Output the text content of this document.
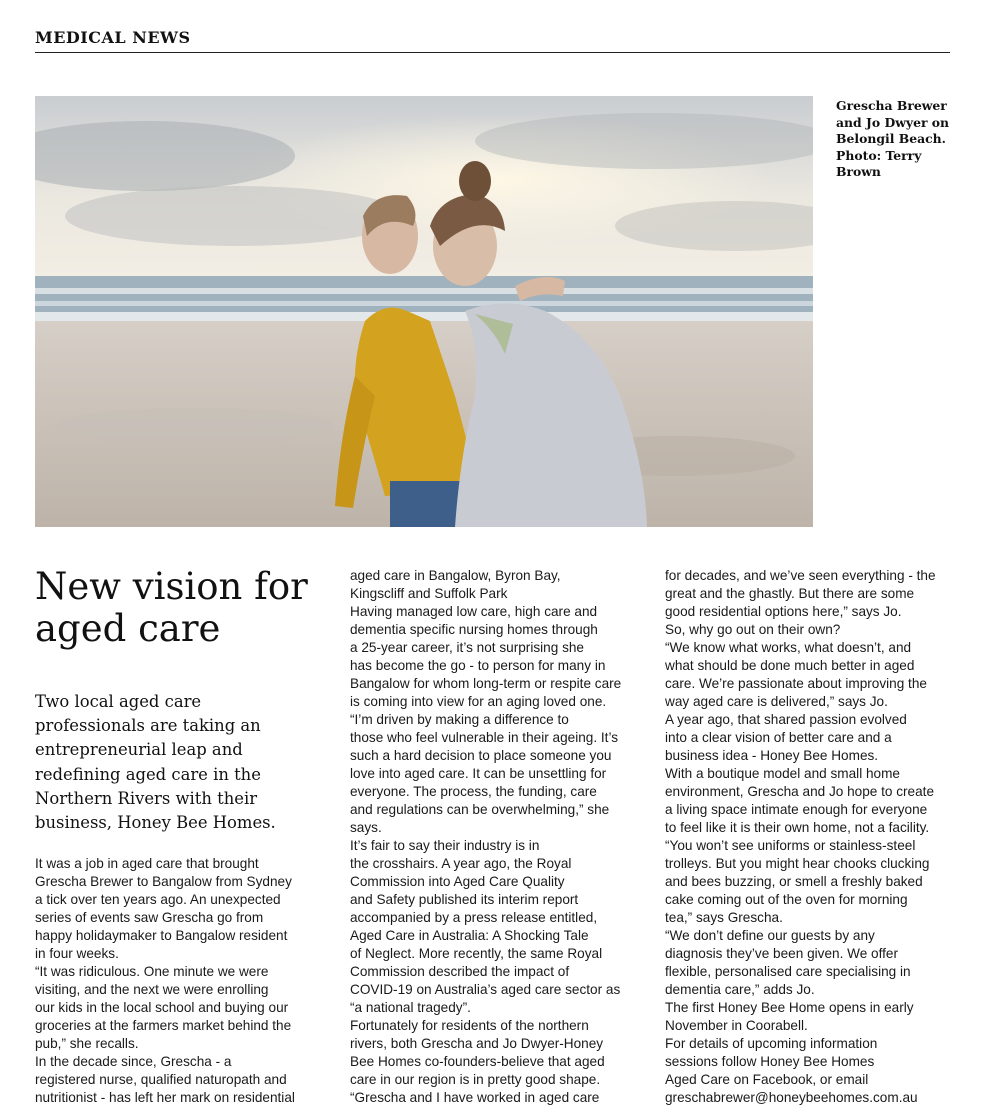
MEDICAL NEWS
Grescha Brewer
and Jo Dwyer on
Belongil Beach.
Photo: Terry
Brown
New vision for
aged care
Two local aged care
professionals are taking an
entrepreneurial leap and
redefining aged care in the
Northern Rivers with their
business, Honey Bee Homes.
It was a job in aged care that brought
Grescha Brewer to Bangalow from Sydney
a tick over ten years ago. An unexpected
series of events saw Grescha go from
happy holidaymaker to Bangalow resident
in four weeks.
“It was ridiculous. One minute we were
visiting, and the next we were enrolling
our kids in the local school and buying our
groceries at the farmers market behind the
pub,” she recalls.
In the decade since, Grescha - a
registered nurse, qualified naturopath and
nutritionist - has left her mark on residential
aged care in Bangalow, Byron Bay,
Kingscliff and Suffolk Park
Having managed low care, high care and
dementia specific nursing homes through
a 25-year career, it’s not surprising she
has become the go - to person for many in
Bangalow for whom long-term or respite care
is coming into view for an aging loved one.
“I’m driven by making a difference to
those who feel vulnerable in their ageing. It’s
such a hard decision to place someone you
love into aged care. It can be unsettling for
everyone. The process, the funding, care
and regulations can be overwhelming,” she
says.
It’s fair to say their industry is in
the crosshairs. A year ago, the Royal
Commission into Aged Care Quality
and Safety published its interim report
accompanied by a press release entitled,
Aged Care in Australia: A Shocking Tale
of Neglect. More recently, the same Royal
Commission described the impact of
COVID-19 on Australia’s aged care sector as
“a national tragedy”.
Fortunately for residents of the northern
rivers, both Grescha and Jo Dwyer-Honey
Bee Homes co-founders-believe that aged
care in our region is in pretty good shape.
“Grescha and I have worked in aged care
for decades, and we’ve seen everything - the
great and the ghastly. But there are some
good residential options here,” says Jo.
So, why go out on their own?
“We know what works, what doesn’t, and
what should be done much better in aged
care. We’re passionate about improving the
way aged care is delivered,” says Jo.
A year ago, that shared passion evolved
into a clear vision of better care and a
business idea - Honey Bee Homes.
With a boutique model and small home
environment, Grescha and Jo hope to create
a living space intimate enough for everyone
to feel like it is their own home, not a facility.
“You won’t see uniforms or stainless-steel
trolleys. But you might hear chooks clucking
and bees buzzing, or smell a freshly baked
cake coming out of the oven for morning
tea,” says Grescha.
“We don’t define our guests by any
diagnosis they’ve been given. We offer
flexible, personalised care specialising in
dementia care,” adds Jo.
The first Honey Bee Home opens in early
November in Coorabell.
For details of upcoming information
sessions follow Honey Bee Homes
Aged Care on Facebook, or email
greschabrewer@honeybeehomes.com.au
